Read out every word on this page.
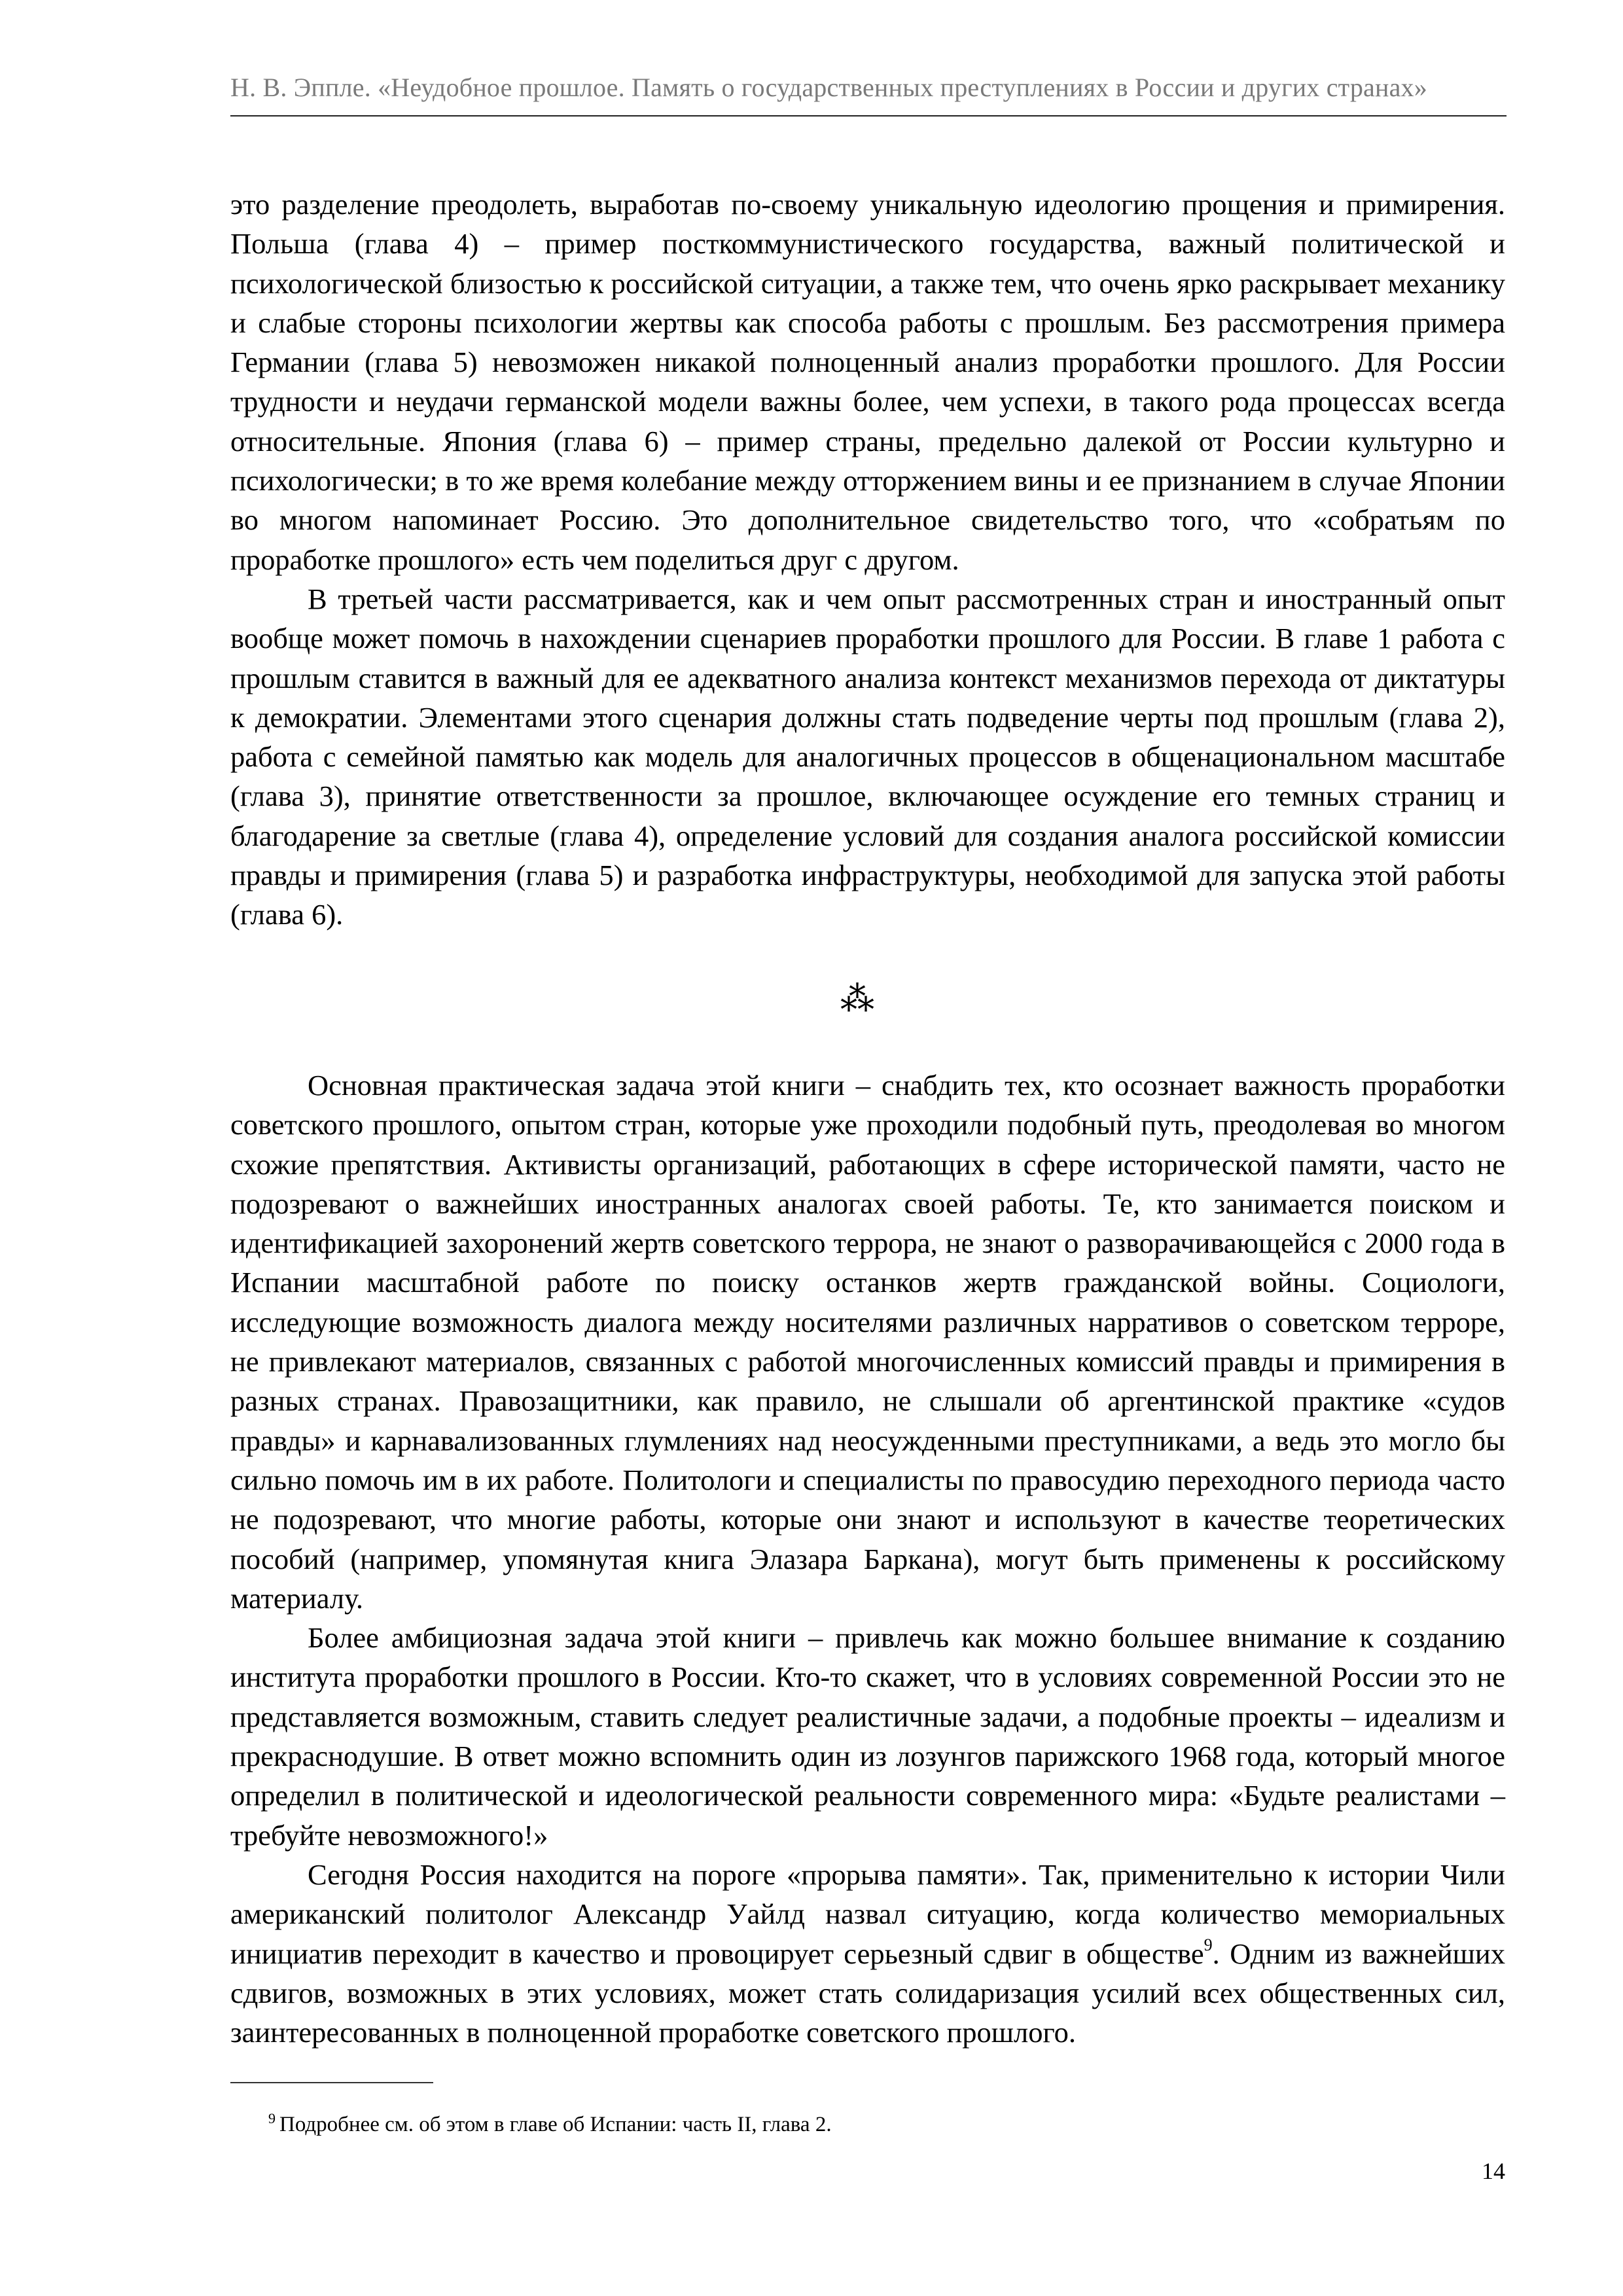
Н. В. Эппле. «Неудобное прошлое. Память о государственных преступлениях в России и других странах»

это разделение преодолеть, выработав по-своему уникальную идеологию прощения и примирения. Польша (глава 4) – пример посткоммунистического государства, важный политической и психологической близостью к российской ситуации, а также тем, что очень ярко раскрывает механику и слабые стороны психологии жертвы как способа работы с прошлым. Без рассмотрения примера Германии (глава 5) невозможен никакой полноценный анализ проработки прошлого. Для России трудности и неудачи германской модели важны более, чем успехи, в такого рода процессах всегда относительные. Япония (глава 6) – пример страны, предельно далекой от России культурно и психологически; в то же время колебание между отторжением вины и ее признанием в случае Японии во многом напоминает Россию. Это дополнительное свидетельство того, что «собратьям по проработке прошлого» есть чем поделиться друг с другом.

В третьей части рассматривается, как и чем опыт рассмотренных стран и иностранный опыт вообще может помочь в нахождении сценариев проработки прошлого для России. В главе 1 работа с прошлым ставится в важный для ее адекватного анализа контекст механизмов перехода от диктатуры к демократии. Элементами этого сценария должны стать подведение черты под прошлым (глава 2), работа с семейной памятью как модель для аналогичных процессов в общенациональном масштабе (глава 3), принятие ответственности за прошлое, включающее осуждение его темных страниц и благодарение за светлые (глава 4), определение условий для создания аналога российской комиссии правды и примирения (глава 5) и разработка инфраструктуры, необходимой для запуска этой работы (глава 6).

⁂

Основная практическая задача этой книги – снабдить тех, кто осознает важность проработки советского прошлого, опытом стран, которые уже проходили подобный путь, преодолевая во многом схожие препятствия. Активисты организаций, работающих в сфере исторической памяти, часто не подозревают о важнейших иностранных аналогах своей работы. Те, кто занимается поиском и идентификацией захоронений жертв советского террора, не знают о разворачивающейся с 2000 года в Испании масштабной работе по поиску останков жертв гражданской войны. Социологи, исследующие возможность диалога между носителями различных нарративов о советском терроре, не привлекают материалов, связанных с работой многочисленных комиссий правды и примирения в разных странах. Правозащитники, как правило, не слышали об аргентинской практике «судов правды» и карнавализованных глумлениях над неосужденными преступниками, а ведь это могло бы сильно помочь им в их работе. Политологи и специалисты по правосудию переходного периода часто не подозревают, что многие работы, которые они знают и используют в качестве теоретических пособий (например, упомянутая книга Элазара Баркана), могут быть применены к российскому материалу.

Более амбициозная задача этой книги – привлечь как можно большее внимание к созданию института проработки прошлого в России. Кто-то скажет, что в условиях современной России это не представляется возможным, ставить следует реалистичные задачи, а подобные проекты – идеализм и прекраснодушие. В ответ можно вспомнить один из лозунгов парижского 1968 года, который многое определил в политической и идеологической реальности современного мира: «Будьте реалистами – требуйте невозможного!»

Сегодня Россия находится на пороге «прорыва памяти». Так, применительно к истории Чили американский политолог Александр Уайлд назвал ситуацию, когда количество мемориальных инициатив переходит в качество и провоцирует серьезный сдвиг в обществе$^9$. Одним из важнейших сдвигов, возможных в этих условиях, может стать солидаризация усилий всех общественных сил, заинтересованных в полноценной проработке советского прошлого.

$^9$ Подробнее см. об этом в главе об Испании: часть II, глава 2.
14
